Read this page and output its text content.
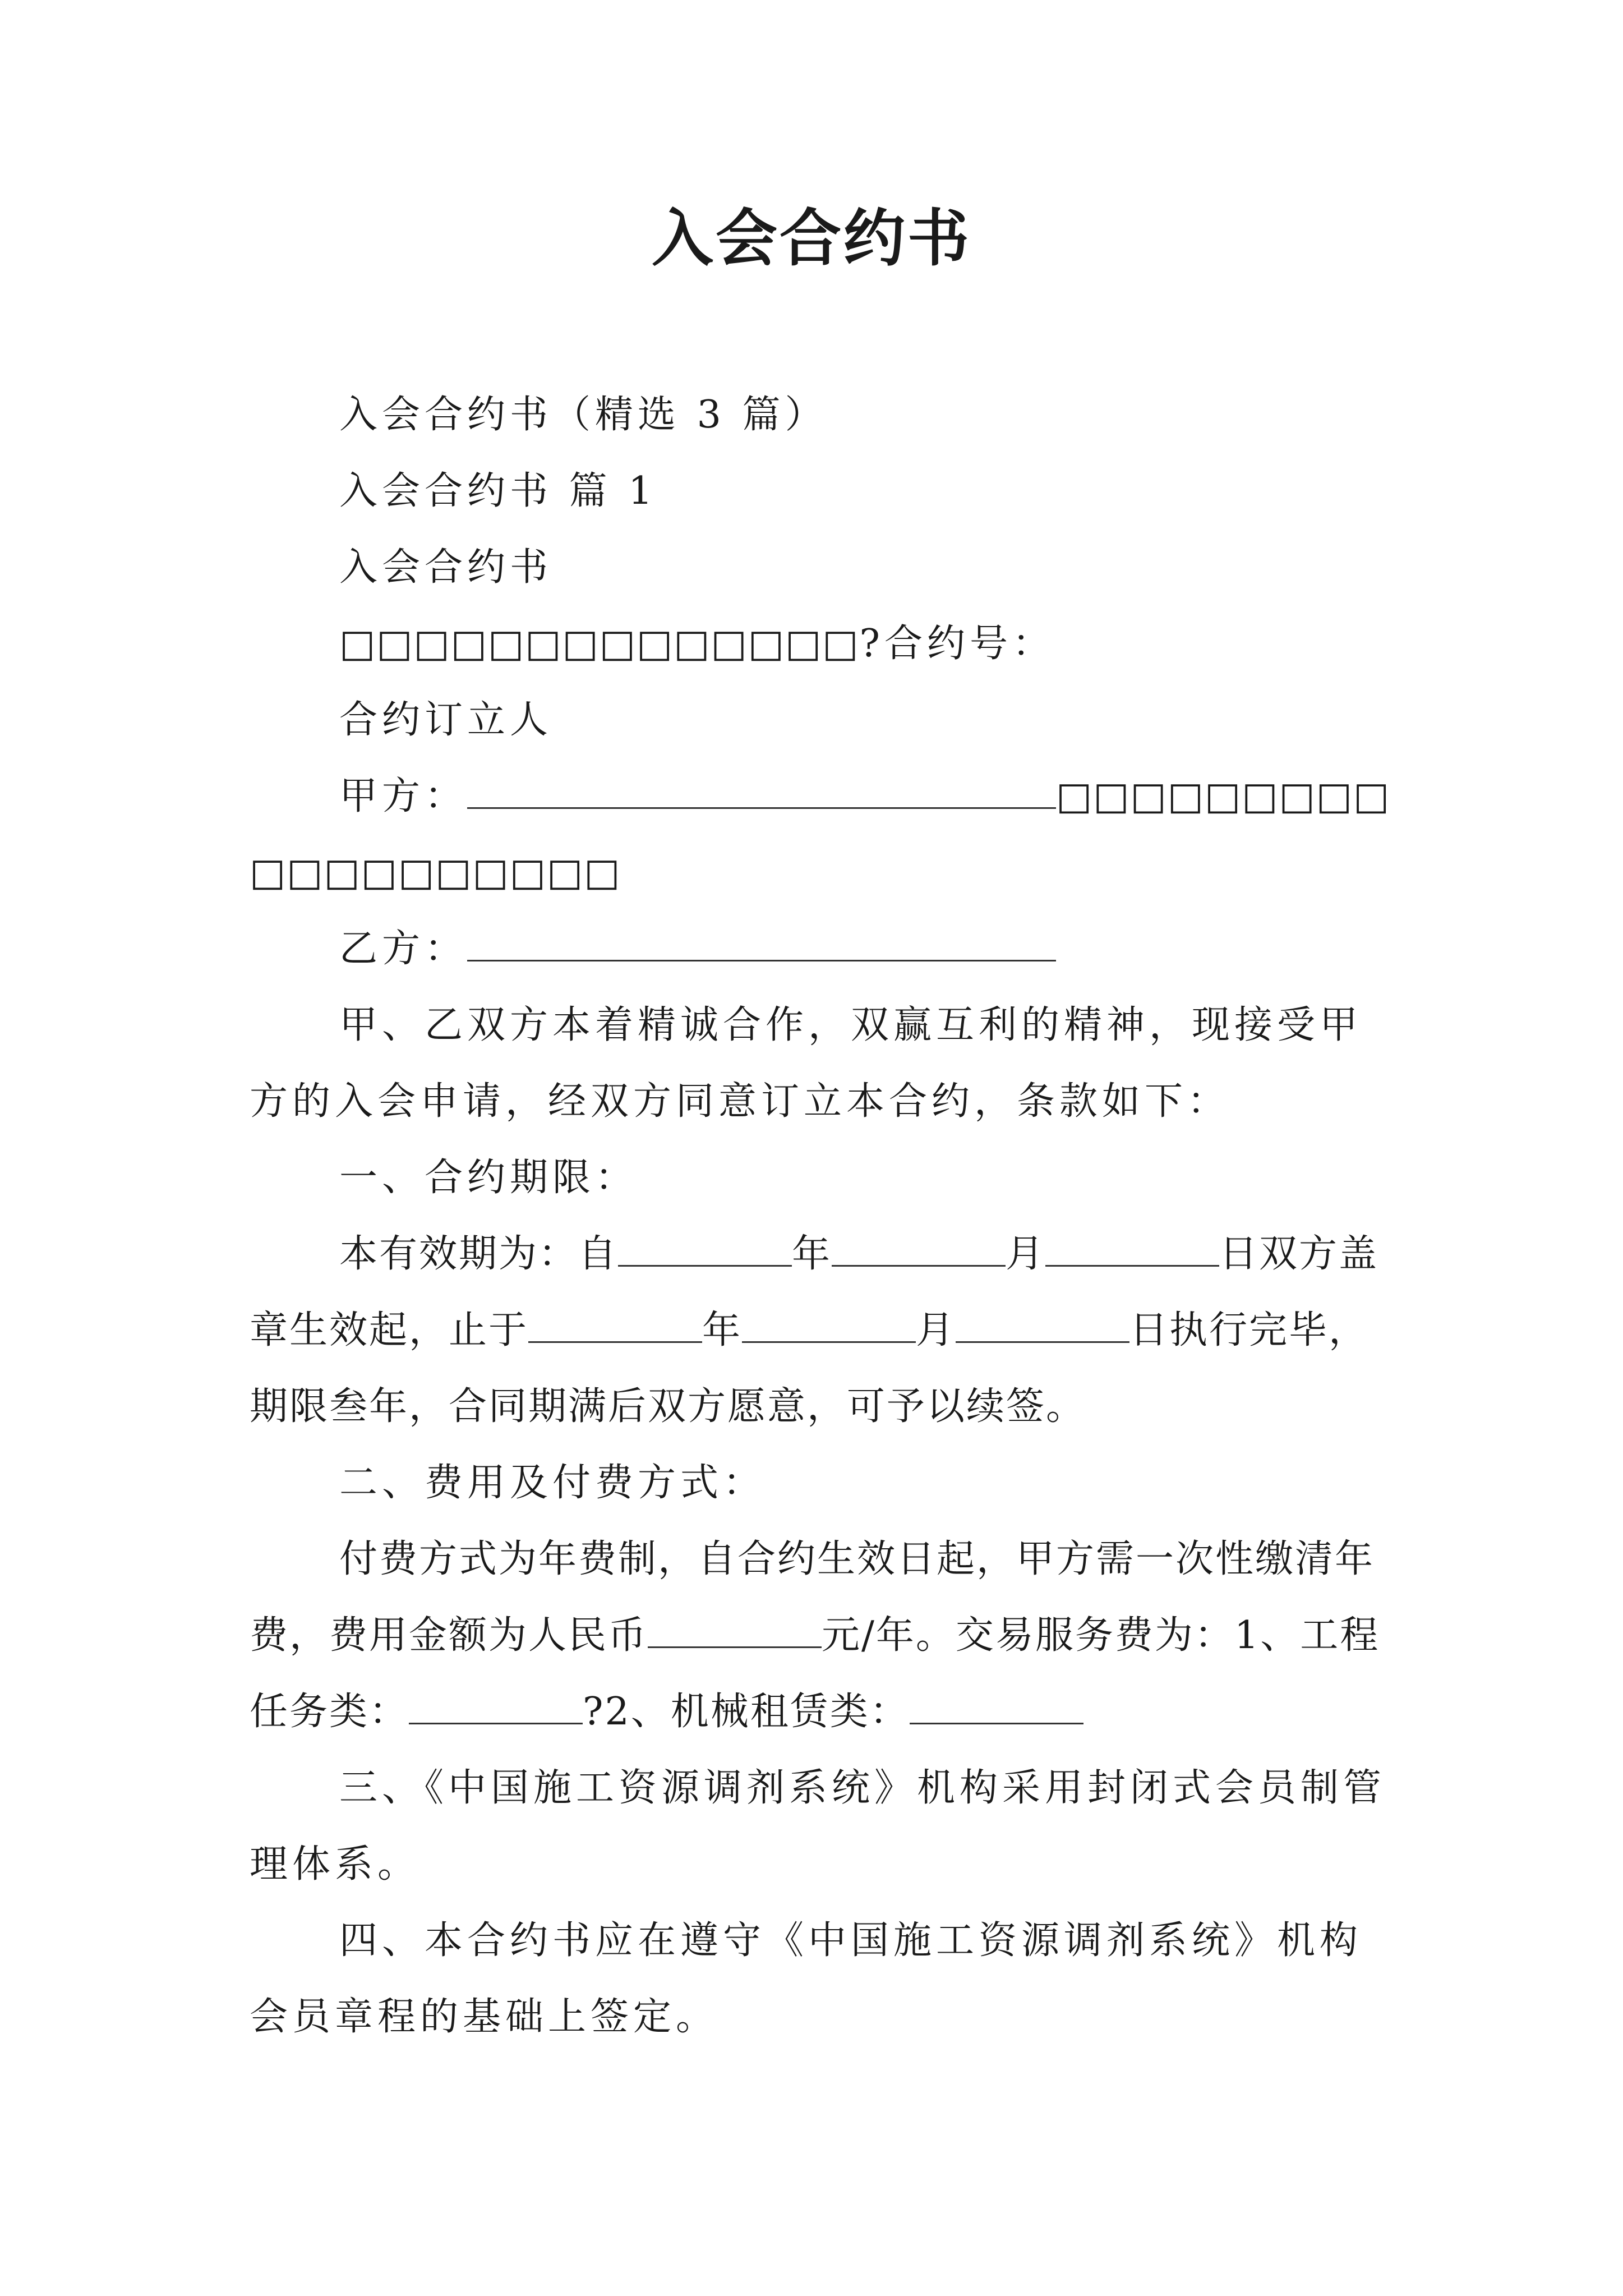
入会合约书

入会合约书（精选 3 篇）

入会合约书 篇 1

入会合约书

□□□□□□□□□□□□□□?合约号：

合约订立人

甲方：	□□□□□□□□□□□□□□□□□□□

乙方：

甲、乙双方本着精诚合作，双赢互利的精神，现接受甲方的入会申请，经双方同意订立本合约，条款如下：

一、合约期限：

本有效期为：自	年	月	日双方盖章生效起，止于	年	月	日执行完毕，期限叁年，合同期满后双方愿意，可予以续签。

二、费用及付费方式：

付费方式为年费制，自合约生效日起，甲方需一次性缴清年费，费用金额为人民币	元/年。交易服务费为：1、工程任务类：	?2、机械租赁类：

三、《中国施工资源调剂系统》机构采用封闭式会员制管理体系。

四、本合约书应在遵守《中国施工资源调剂系统》机构会员章程的基础上签定。
